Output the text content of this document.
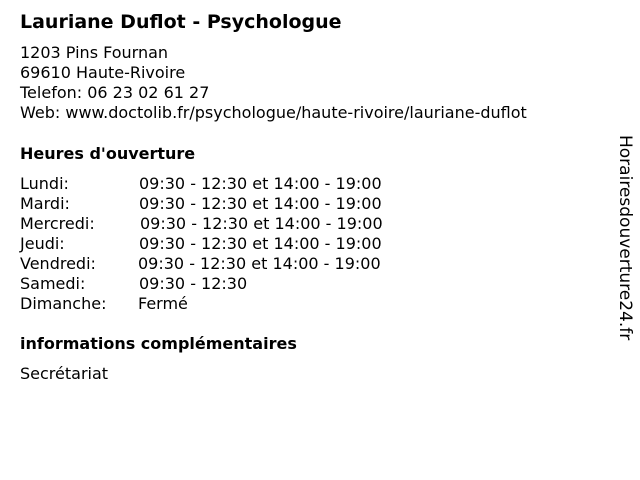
Lauriane Duflot - Psychologue
1203 Pins Fournan
69610 Haute-Rivoire
Telefon: 06 23 02 61 27
Web: www.doctolib.fr/psychologue/haute-rivoire/lauriane-duflot
Heures d'ouverture
Lundi:	09:30 - 12:30 et 14:00 - 19:00
Mardi:	09:30 - 12:30 et 14:00 - 19:00
Mercredi:	09:30 - 12:30 et 14:00 - 19:00
Jeudi:	09:30 - 12:30 et 14:00 - 19:00
Vendredi:	09:30 - 12:30 et 14:00 - 19:00
Samedi:	09:30 - 12:30
Dimanche: Fermé
informations complémentaires
Secrétariat
Horairesdouverture24.fr
